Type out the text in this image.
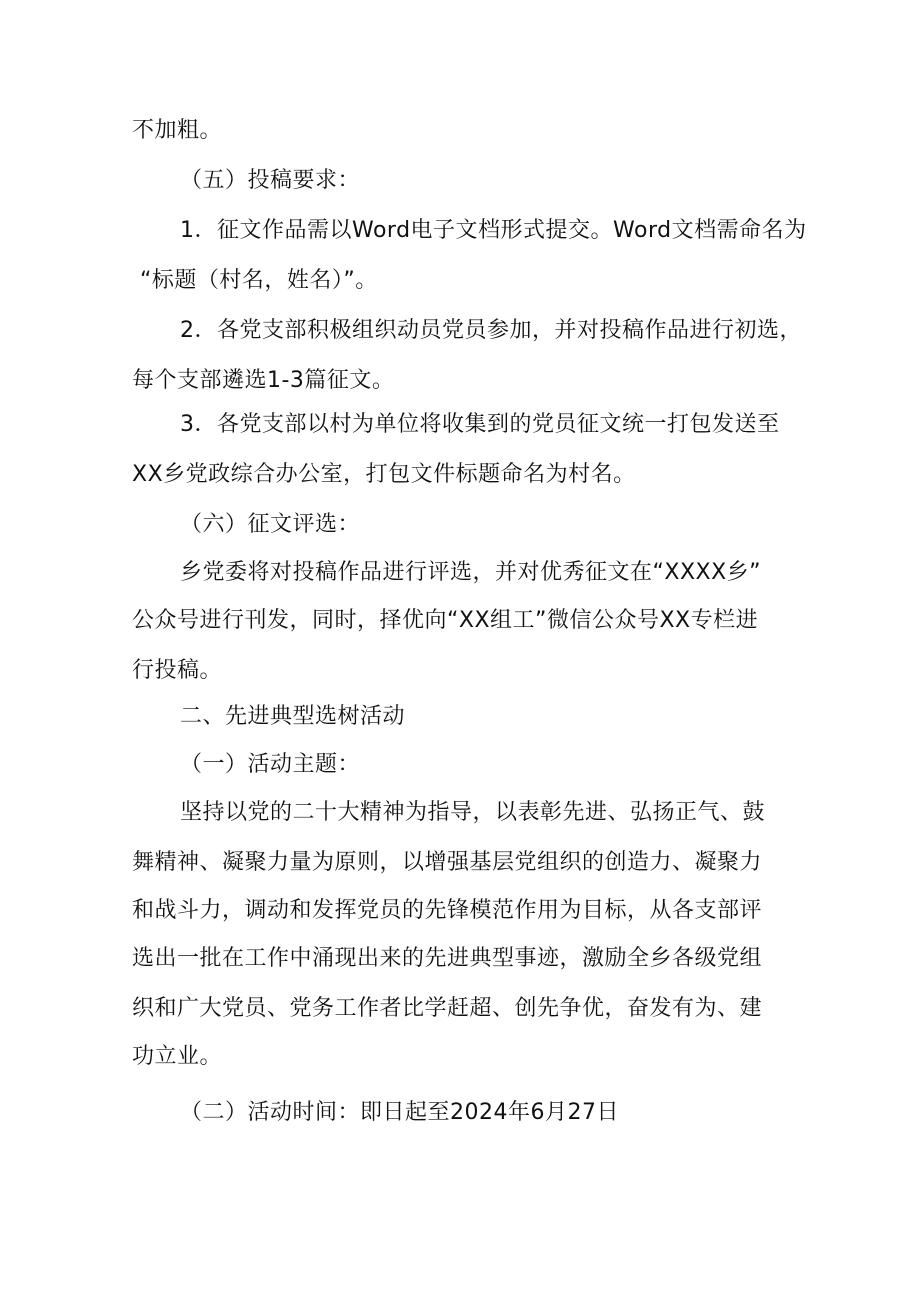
不加粗。
（五）投稿要求：
1．征文作品需以Word电子文档形式提交。Word文档需命名为
“标题（村名，姓名）”。
2．各党支部积极组织动员党员参加，并对投稿作品进行初选，
每个支部遴选1-3篇征文。
3．各党支部以村为单位将收集到的党员征文统一打包发送至
XX乡党政综合办公室，打包文件标题命名为村名。
（六）征文评选：
乡党委将对投稿作品进行评选，并对优秀征文在“XXXX乡”
公众号进行刊发，同时，择优向“XX组工”微信公众号XX专栏进
行投稿。
二、先进典型选树活动
（一）活动主题：
坚持以党的二十大精神为指导，以表彰先进、弘扬正气、鼓
舞精神、凝聚力量为原则，以增强基层党组织的创造力、凝聚力
和战斗力，调动和发挥党员的先锋模范作用为目标，从各支部评
选出一批在工作中涌现出来的先进典型事迹，激励全乡各级党组
织和广大党员、党务工作者比学赶超、创先争优，奋发有为、建
功立业。
（二）活动时间：即日起至2024年6月27日
